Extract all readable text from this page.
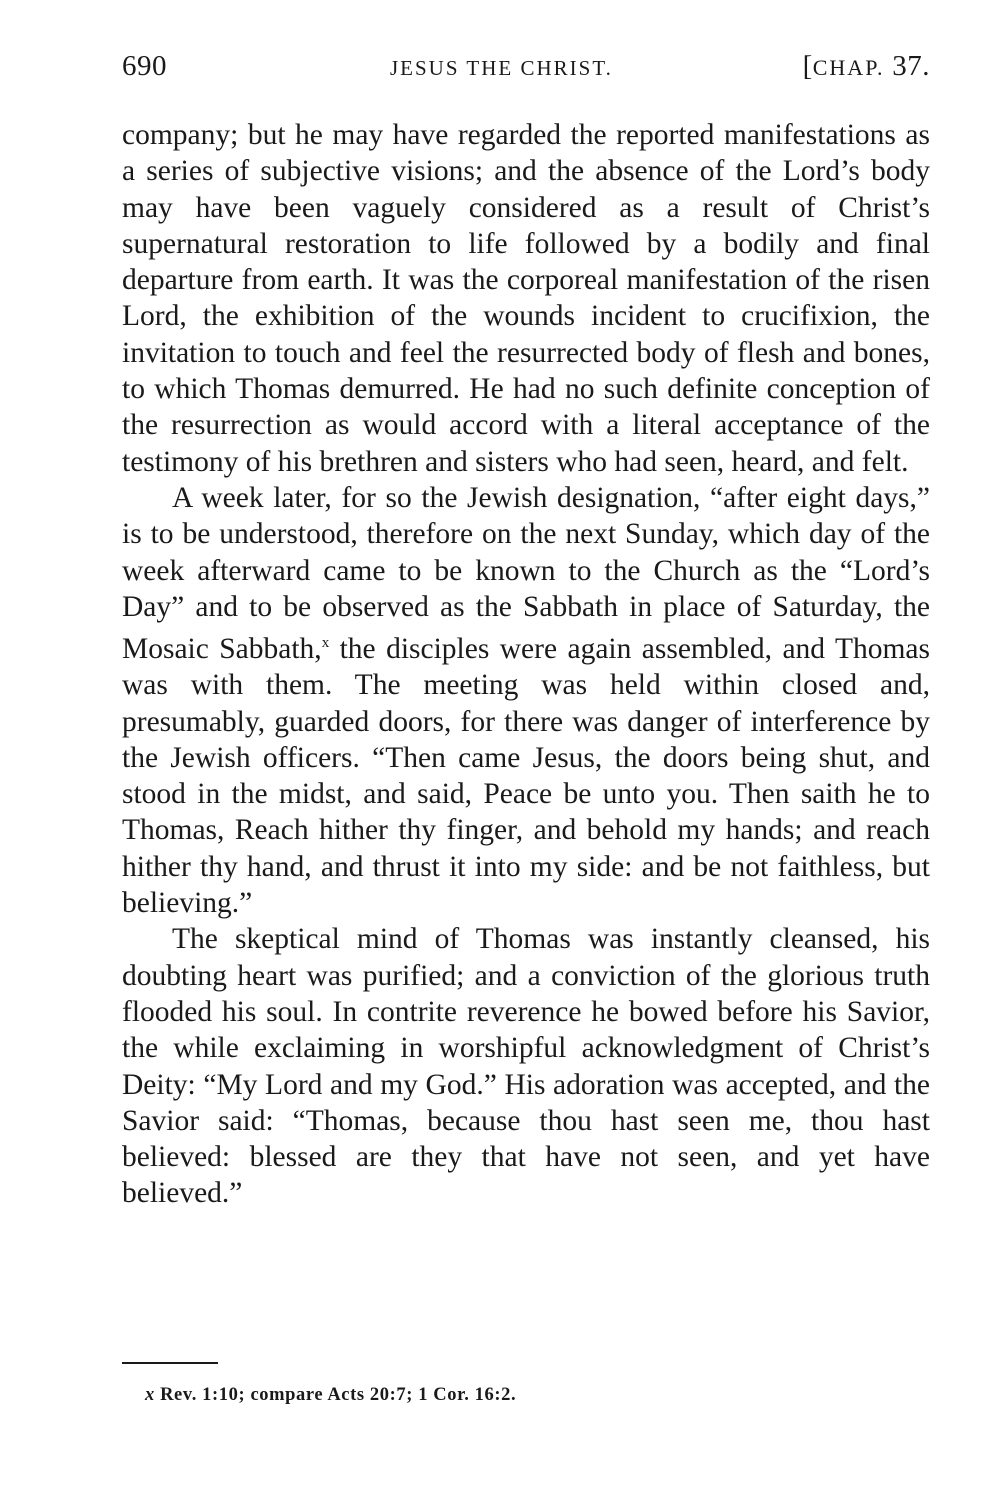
690	JESUS THE CHRIST.	[CHAP. 37.

company; but he may have regarded the reported manifestations as a series of subjective visions; and the absence of the Lord’s body may have been vaguely considered as a result of Christ’s supernatural restoration to life followed by a bodily and final departure from earth. It was the corporeal manifestation of the risen Lord, the exhibition of the wounds incident to crucifixion, the invitation to touch and feel the resurrected body of flesh and bones, to which Thomas demurred. He had no such definite conception of the resurrection as would accord with a literal acceptance of the testimony of his brethren and sisters who had seen, heard, and felt.

A week later, for so the Jewish designation, “after eight days,” is to be understood, therefore on the next Sunday, which day of the week afterward came to be known to the Church as the “Lord’s Day” and to be observed as the Sabbath in place of Saturday, the Mosaic Sabbath,$^x$ the disciples were again assembled, and Thomas was with them. The meeting was held within closed and, presumably, guarded doors, for there was danger of interference by the Jewish officers. “Then came Jesus, the doors being shut, and stood in the midst, and said, Peace be unto you. Then saith he to Thomas, Reach hither thy finger, and behold my hands; and reach hither thy hand, and thrust it into my side: and be not faithless, but believing.”

The skeptical mind of Thomas was instantly cleansed, his doubting heart was purified; and a conviction of the glorious truth flooded his soul. In contrite reverence he bowed before his Savior, the while exclaiming in worshipful acknowledgment of Christ’s Deity: “My Lord and my God.” His adoration was accepted, and the Savior said: “Thomas, because thou hast seen me, thou hast believed: blessed are they that have not seen, and yet have believed.”

x Rev. 1:10; compare Acts 20:7; 1 Cor. 16:2.
